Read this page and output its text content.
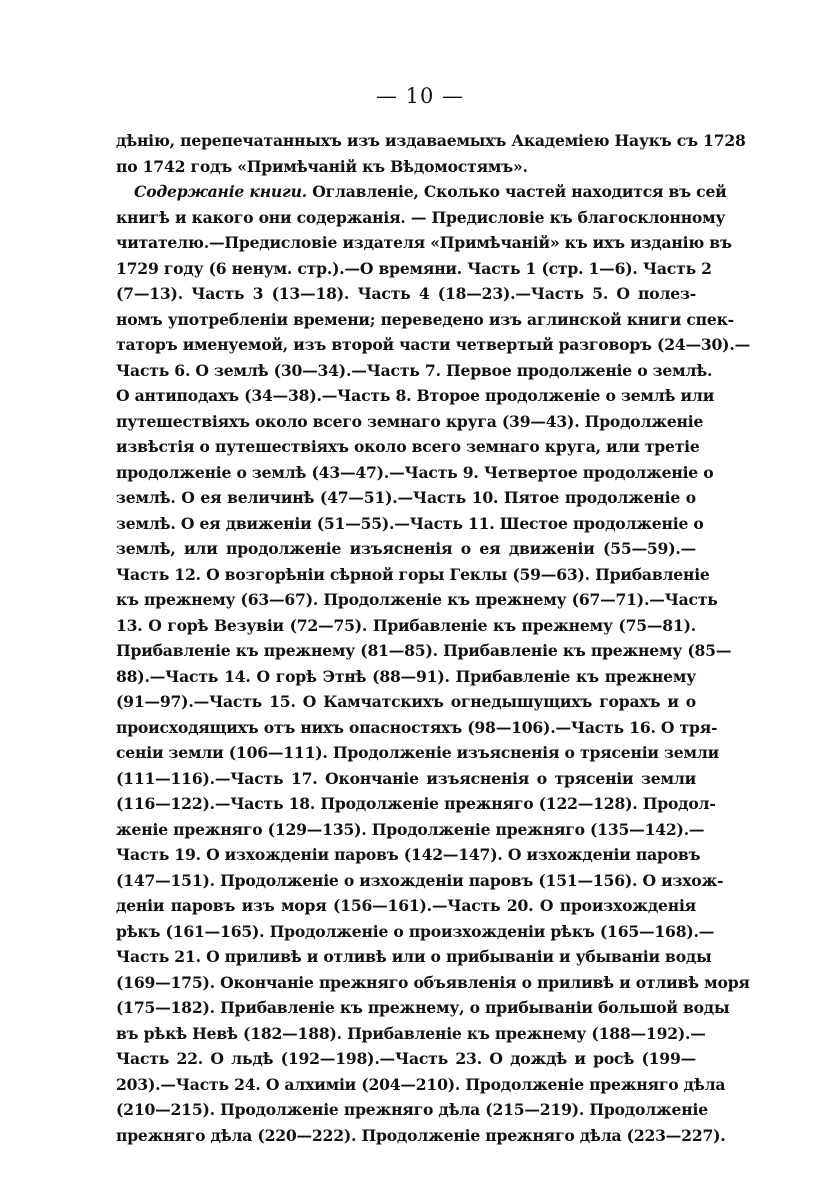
— 10 —
дѣнію, перепечатанныхъ изъ издаваемыхъ Академіею Наукъ съ 1728
по 1742 годъ «Примѣчаній къ Вѣдомостямъ».
Содержаніе книги. Оглавленіе, Сколько частей находится въ сей
книгѣ и какого они содержанія. — Предисловіе къ благосклонному
читателю.—Предисловіе издателя «Примѣчаній» къ ихъ изданію въ
1729 году (6 ненум. стр.).—О времяни. Часть 1 (стр. 1—6). Часть 2
(7—13). Часть 3 (13—18). Часть 4 (18—23).—Часть 5. О полез-
номъ употребленіи времени; переведено изъ аглинской книги спек-
таторъ именуемой, изъ второй части четвертый разговоръ (24—30).—
Часть 6. О землѣ (30—34).—Часть 7. Первое продолженіе о землѣ.
О антиподахъ (34—38).—Часть 8. Второе продолженіе о землѣ или
путешествіяхъ около всего земнаго круга (39—43). Продолженіе
извѣстія о путешествіяхъ около всего земнаго круга, или третіе
продолженіе о землѣ (43—47).—Часть 9. Четвертое продолженіе о
землѣ. О ея величинѣ (47—51).—Часть 10. Пятое продолженіе о
землѣ. О ея движеніи (51—55).—Часть 11. Шестое продолженіе о
землѣ, или продолженіе изъясненія о ея движеніи (55—59).—
Часть 12. О возгорѣніи сѣрной горы Геклы (59—63). Прибавленіе
къ прежнему (63—67). Продолженіе къ прежнему (67—71).—Часть
13. О горѣ Везувіи (72—75). Прибавленіе къ прежнему (75—81).
Прибавленіе къ прежнему (81—85). Прибавленіе къ прежнему (85—
88).—Часть 14. О горѣ Этнѣ (88—91). Прибавленіе къ прежнему
(91—97).—Часть 15. О Камчатскихъ огнедышущихъ горахъ и о
происходящихъ отъ нихъ опасностяхъ (98—106).—Часть 16. О тря-
сеніи земли (106—111). Продолженіе изъясненія о трясеніи земли
(111—116).—Часть 17. Окончаніе изъясненія о трясеніи земли
(116—122).—Часть 18. Продолженіе прежняго (122—128). Продол-
женіе прежняго (129—135). Продолженіе прежняго (135—142).—
Часть 19. О изхожденіи паровъ (142—147). О изхожденіи паровъ
(147—151). Продолженіе о изхожденіи паровъ (151—156). О изхож-
деніи паровъ изъ моря (156—161).—Часть 20. О произхожденія
рѣкъ (161—165). Продолженіе о произхожденіи рѣкъ (165—168).—
Часть 21. О приливѣ и отливѣ или о прибываніи и убываніи воды
(169—175). Окончаніе прежняго объявленія о приливѣ и отливѣ моря
(175—182). Прибавленіе къ прежнему, о прибываніи большой воды
въ рѣкѣ Невѣ (182—188). Прибавленіе къ прежнему (188—192).—
Часть 22. О льдѣ (192—198).—Часть 23. О дождѣ и росѣ (199—
203).—Часть 24. О алхиміи (204—210). Продолженіе прежняго дѣла
(210—215). Продолженіе прежняго дѣла (215—219). Продолженіе
прежняго дѣла (220—222). Продолженіе прежняго дѣла (223—227).
